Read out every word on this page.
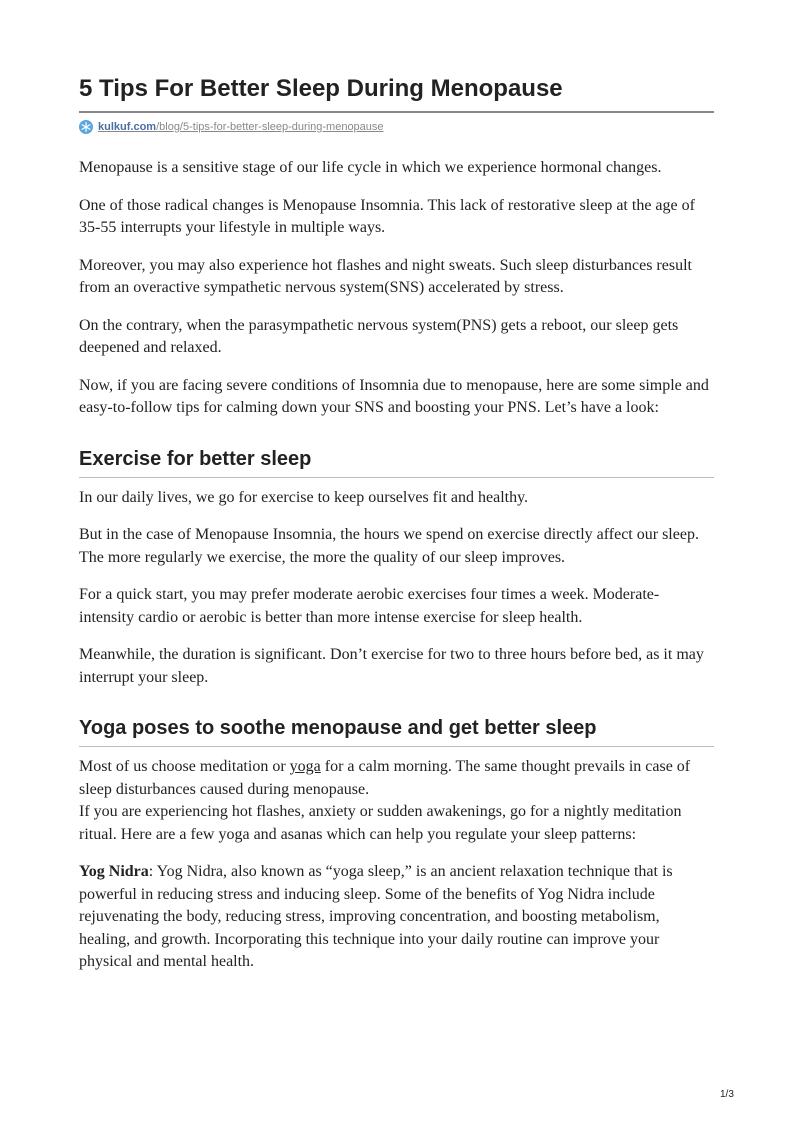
5 Tips For Better Sleep During Menopause
kulkuf.com/blog/5-tips-for-better-sleep-during-menopause

Menopause is a sensitive stage of our life cycle in which we experience hormonal changes.

One of those radical changes is Menopause Insomnia. This lack of restorative sleep at the age of 35-55 interrupts your lifestyle in multiple ways.

Moreover, you may also experience hot flashes and night sweats. Such sleep disturbances result from an overactive sympathetic nervous system(SNS) accelerated by stress.

On the contrary, when the parasympathetic nervous system(PNS) gets a reboot, our sleep gets deepened and relaxed.

Now, if you are facing severe conditions of Insomnia due to menopause, here are some simple and easy-to-follow tips for calming down your SNS and boosting your PNS. Let’s have a look:

Exercise for better sleep

In our daily lives, we go for exercise to keep ourselves fit and healthy.

But in the case of Menopause Insomnia, the hours we spend on exercise directly affect our sleep. The more regularly we exercise, the more the quality of our sleep improves.

For a quick start, you may prefer moderate aerobic exercises four times a week. Moderate-intensity cardio or aerobic is better than more intense exercise for sleep health.

Meanwhile, the duration is significant. Don’t exercise for two to three hours before bed, as it may interrupt your sleep.

Yoga poses to soothe menopause and get better sleep

Most of us choose meditation or yoga for a calm morning. The same thought prevails in case of sleep disturbances caused during menopause.

If you are experiencing hot flashes, anxiety or sudden awakenings, go for a nightly meditation ritual. Here are a few yoga and asanas which can help you regulate your sleep patterns:

Yog Nidra: Yog Nidra, also known as “yoga sleep,” is an ancient relaxation technique that is powerful in reducing stress and inducing sleep. Some of the benefits of Yog Nidra include rejuvenating the body, reducing stress, improving concentration, and boosting metabolism, healing, and growth. Incorporating this technique into your daily routine can improve your physical and mental health.

1/3
